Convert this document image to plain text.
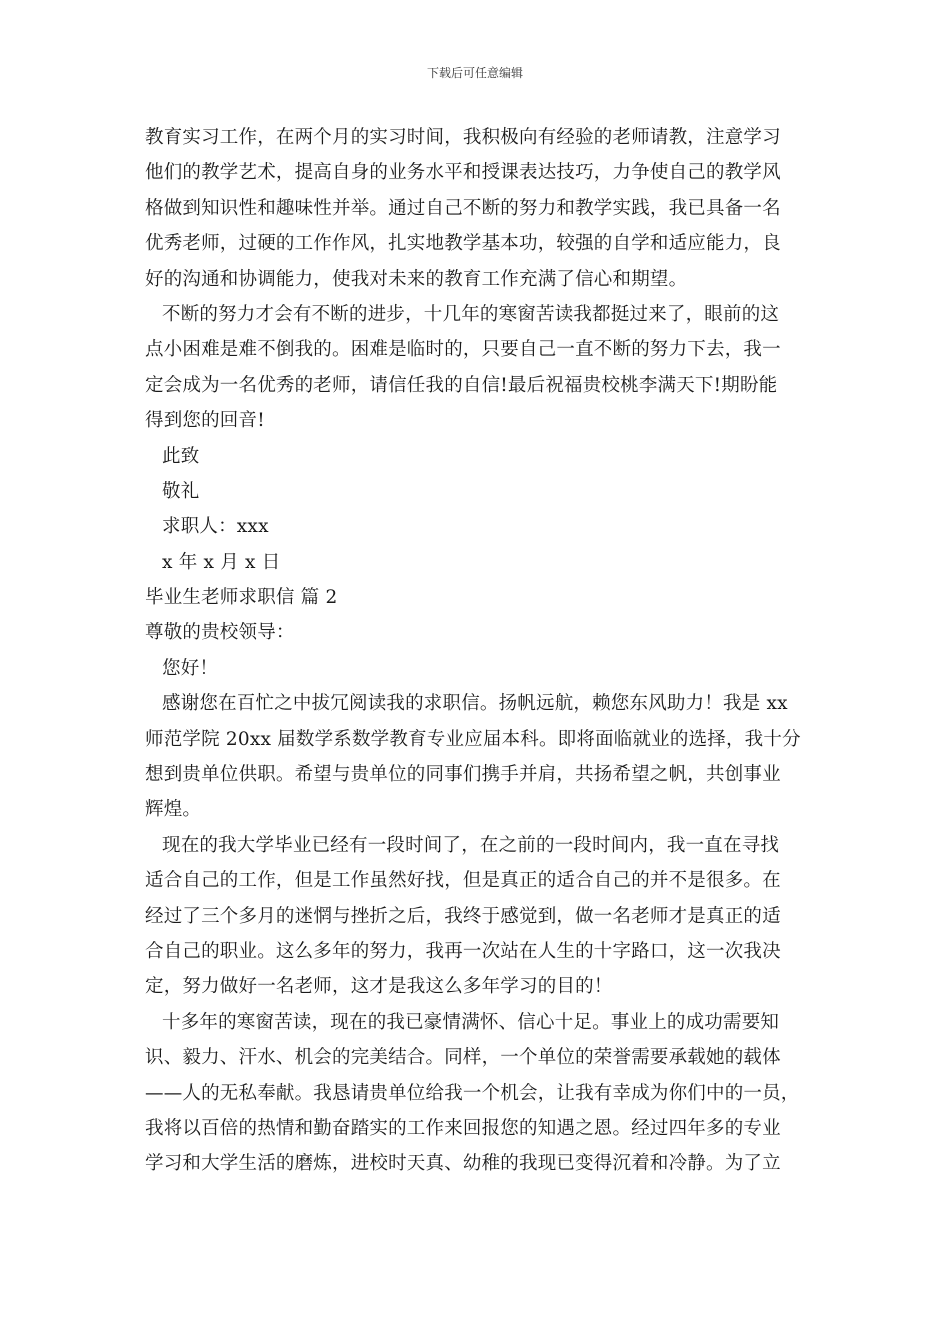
下载后可任意编辑
教育实习工作，在两个月的实习时间，我积极向有经验的老师请教，注意学习
他们的教学艺术，提高自身的业务水平和授课表达技巧，力争使自己的教学风
格做到知识性和趣味性并举。通过自己不断的努力和教学实践，我已具备一名
优秀老师，过硬的工作作风，扎实地教学基本功，较强的自学和适应能力，良
好的沟通和协调能力，使我对未来的教育工作充满了信心和期望。
不断的努力才会有不断的进步，十几年的寒窗苦读我都挺过来了，眼前的这
点小困难是难不倒我的。困难是临时的，只要自己一直不断的努力下去，我一
定会成为一名优秀的老师，请信任我的自信!最后祝福贵校桃李满天下!期盼能
得到您的回音!
此致
敬礼
求职人：xxx
x 年 x 月 x 日
毕业生老师求职信 篇 2
尊敬的贵校领导：
您好！
感谢您在百忙之中拔冗阅读我的求职信。扬帆远航，赖您东风助力！我是 xx
师范学院 20xx 届数学系数学教育专业应届本科。即将面临就业的选择，我十分
想到贵单位供职。希望与贵单位的同事们携手并肩，共扬希望之帆，共创事业
辉煌。
现在的我大学毕业已经有一段时间了，在之前的一段时间内，我一直在寻找
适合自己的工作，但是工作虽然好找，但是真正的适合自己的并不是很多。在
经过了三个多月的迷惘与挫折之后，我终于感觉到，做一名老师才是真正的适
合自己的职业。这么多年的努力，我再一次站在人生的十字路口，这一次我决
定，努力做好一名老师，这才是我这么多年学习的目的！
十多年的寒窗苦读，现在的我已豪情满怀、信心十足。事业上的成功需要知
识、毅力、汗水、机会的完美结合。同样，一个单位的荣誉需要承载她的载体
——人的无私奉献。我恳请贵单位给我一个机会，让我有幸成为你们中的一员，
我将以百倍的热情和勤奋踏实的工作来回报您的知遇之恩。经过四年多的专业
学习和大学生活的磨炼，进校时天真、幼稚的我现已变得沉着和冷静。为了立
